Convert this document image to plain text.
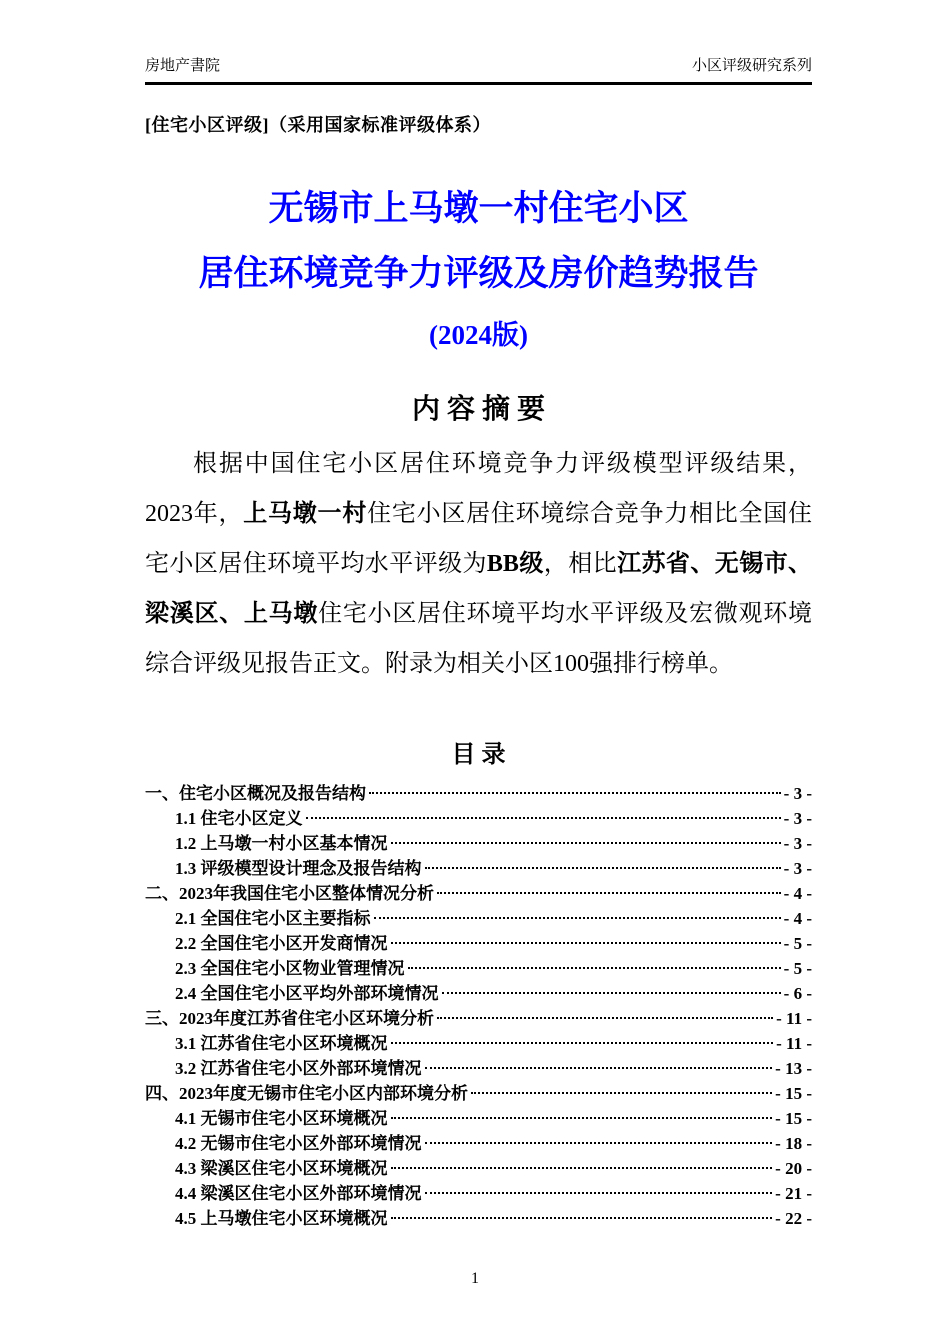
房地产書院	小区评级研究系列
[住宅小区评级]（采用国家标准评级体系）
无锡市上马墩一村住宅小区
居住环境竞争力评级及房价趋势报告
(2024版)
内 容 摘 要

根据中国住宅小区居住环境竞争力评级模型评级结果，2023年，上马墩一村住宅小区居住环境综合竞争力相比全国住宅小区居住环境平均水平评级为BB级，相比江苏省、无锡市、梁溪区、上马墩住宅小区居住环境平均水平评级及宏微观环境综合评级见报告正文。附录为相关小区100强排行榜单。

目 录
一、住宅小区概况及报告结构	- 3 -
1.1 住宅小区定义	- 3 -
1.2 上马墩一村小区基本情况	- 3 -
1.3 评级模型设计理念及报告结构	- 3 -
二、2023年我国住宅小区整体情况分析	- 4 -
2.1 全国住宅小区主要指标	- 4 -
2.2 全国住宅小区开发商情况	- 5 -
2.3 全国住宅小区物业管理情况	- 5 -
2.4 全国住宅小区平均外部环境情况	- 6 -
三、2023年度江苏省住宅小区环境分析	- 11 -
3.1 江苏省住宅小区环境概况	- 11 -
3.2 江苏省住宅小区外部环境情况	- 13 -
四、2023年度无锡市住宅小区内部环境分析	- 15 -
4.1 无锡市住宅小区环境概况	- 15 -
4.2 无锡市住宅小区外部环境情况	- 18 -
4.3 梁溪区住宅小区环境概况	- 20 -
4.4 梁溪区住宅小区外部环境情况	- 21 -
4.5 上马墩住宅小区环境概况	- 22 -
1
